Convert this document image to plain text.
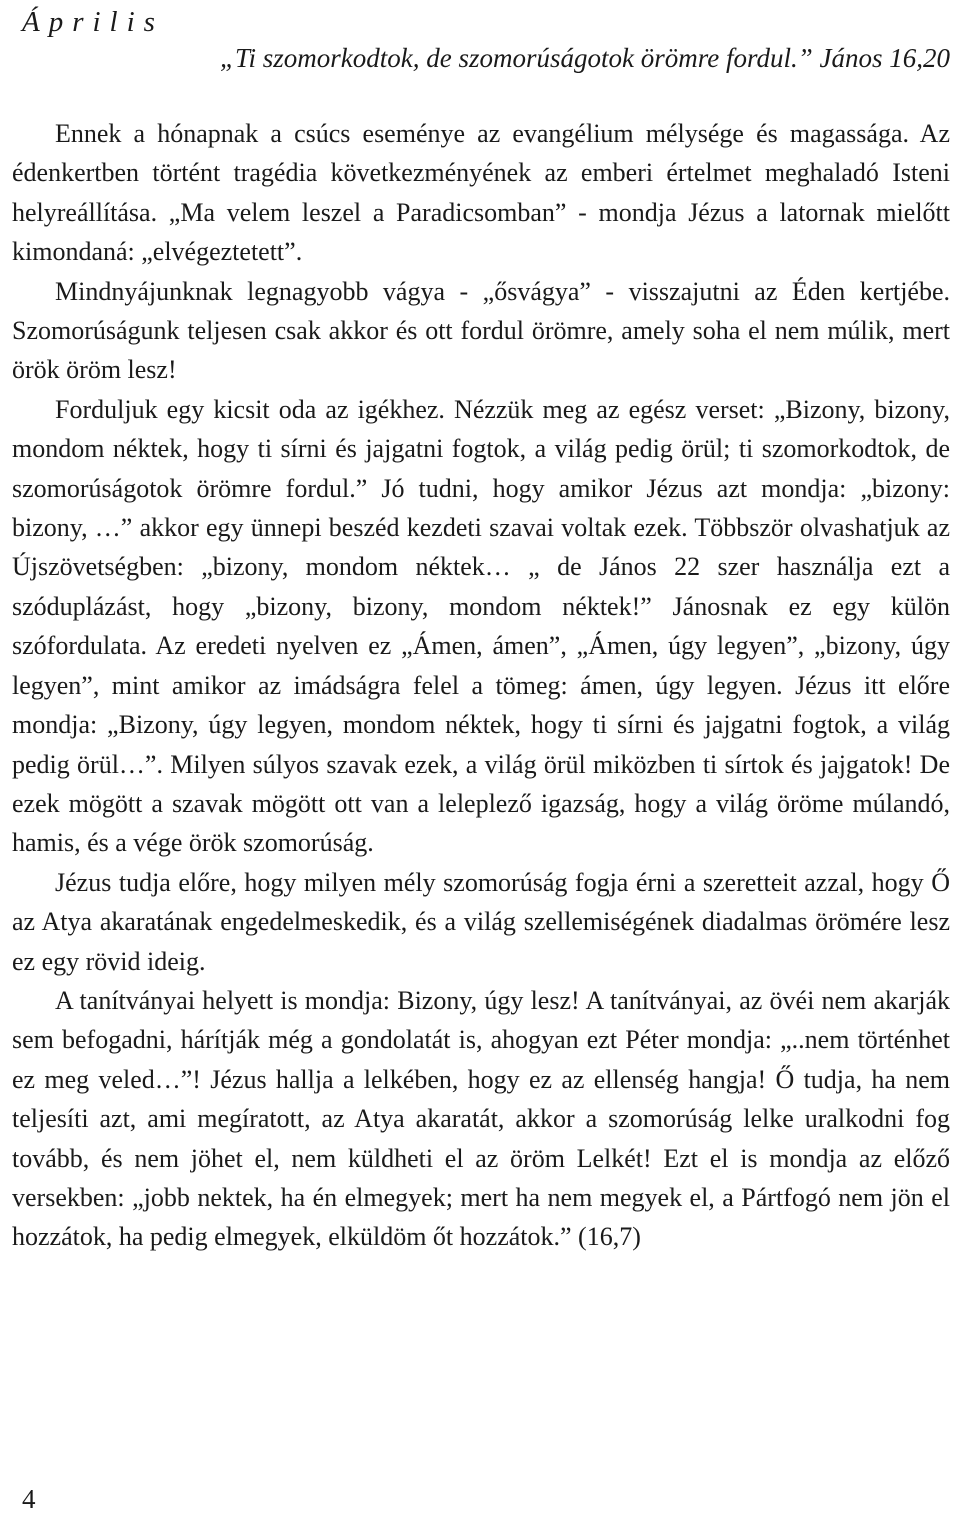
Április

„Ti szomorkodtok, de szomorúságotok örömre fordul.” János 16,20

Ennek a hónapnak a csúcs eseménye az evangélium mélysége és magassága. Az édenkertben történt tragédia következményének az emberi értelmet meghaladó Isteni helyreállítása. „Ma velem leszel a Paradicsomban” - mondja Jézus a latornak mielőtt kimondaná: „elvégeztetett”.

Mindnyájunknak legnagyobb vágya - „ősvágya” - visszajutni az Éden kertjébe. Szomorúságunk teljesen csak akkor és ott fordul örömre, amely soha el nem múlik, mert örök öröm lesz!

Forduljuk egy kicsit oda az igékhez. Nézzük meg az egész verset: „Bizony, bizony, mondom néktek, hogy ti sírni és jajgatni fogtok, a világ pedig örül; ti szomorkodtok, de szomorúságotok örömre fordul.” Jó tudni, hogy amikor Jézus azt mondja: „bizony: bizony, …” akkor egy ünnepi beszéd kezdeti szavai voltak ezek. Többször olvashatjuk az Újszövetségben: „bizony, mondom néktek… „ de János 22 szer használja ezt a szóduplázást, hogy „bizony, bizony, mondom néktek!” Jánosnak ez egy külön szófordulata. Az eredeti nyelven ez „Ámen, ámen”, „Ámen, úgy legyen”, „bizony, úgy legyen”, mint amikor az imádságra felel a tömeg: ámen, úgy legyen. Jézus itt előre mondja: „Bizony, úgy legyen, mondom néktek, hogy ti sírni és jajgatni fogtok, a világ pedig örül…”. Milyen súlyos szavak ezek, a világ örül miközben ti sírtok és jajgatok! De ezek mögött a szavak mögött ott van a leleplező igazság, hogy a világ öröme múlandó, hamis, és a vége örök szomorúság.

Jézus tudja előre, hogy milyen mély szomorúság fogja érni a szeretteit azzal, hogy Ő az Atya akaratának engedelmeskedik, és a világ szellemiségének diadalmas örömére lesz ez egy rövid ideig.

A tanítványai helyett is mondja: Bizony, úgy lesz! A tanítványai, az övéi nem akarják sem befogadni, hárítják még a gondolatát is, ahogyan ezt Péter mondja: „..nem történhet ez meg veled…”! Jézus hallja a lelkében, hogy ez az ellenség hangja! Ő tudja, ha nem teljesíti azt, ami megíratott, az Atya akaratát, akkor a szomorúság lelke uralkodni fog tovább, és nem jöhet el, nem küldheti el az öröm Lelkét! Ezt el is mondja az előző versekben: „jobb nektek, ha én elmegyek; mert ha nem megyek el, a Pártfogó nem jön el hozzátok, ha pedig elmegyek, elküldöm őt hozzátok.” (16,7)

4
